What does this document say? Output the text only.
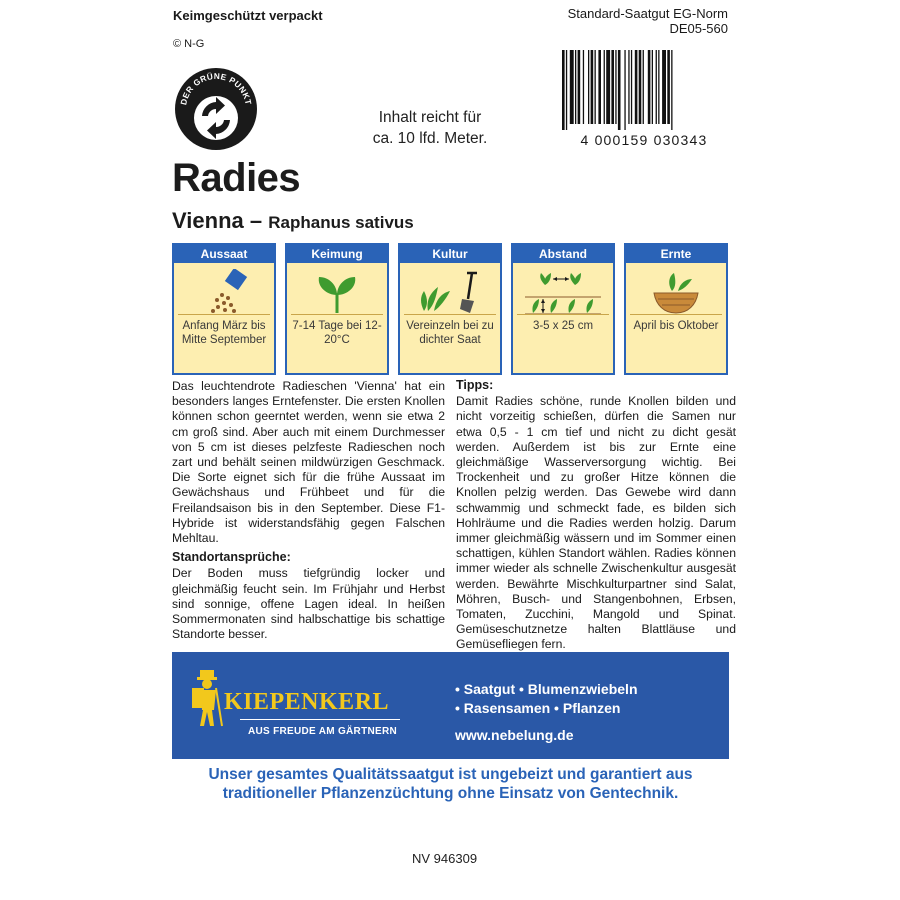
Keimgeschützt verpackt
© N-G
Standard-Saatgut EG-Norm
DE05-560
DER GRÜNE PUNKT
Inhalt reicht für
ca. 10 lfd. Meter.	4 000159 030343
Radies
Vienna – Raphanus sativus
Aussaat
Anfang März bis Mitte September
Keimung
7-14 Tage bei 12-20°C
Kultur
Vereinzeln bei zu dichter Saat
Abstand
3-5 x 25 cm
Ernte
April bis Oktober

Das leuchtendrote Radieschen 'Vienna' hat ein besonders langes Erntefenster. Die ersten Knollen können schon geerntet werden, wenn sie etwa 2 cm groß sind. Aber auch mit einem Durchmesser von 5 cm ist dieses pelzfeste Radieschen noch zart und behält seinen mildwürzigen Geschmack. Die Sorte eignet sich für die frühe Aussaat im Gewächshaus und Frühbeet und für die Freilandsaison bis in den September. Diese F1-Hybride ist widerstandsfähig gegen Falschen Mehltau.

Standortansprüche:

Der Boden muss tiefgründig locker und gleichmäßig feucht sein. Im Frühjahr und Herbst sind sonnige, offene Lagen ideal. In heißen Sommermonaten sind halbschattige bis schattige Standorte besser.

Tipps:

Damit Radies schöne, runde Knollen bilden und nicht vorzeitig schießen, dürfen die Samen nur etwa 0,5 - 1 cm tief und nicht zu dicht gesät werden. Außerdem ist bis zur Ernte eine gleichmäßige Wasserversorgung wichtig. Bei Trockenheit und zu großer Hitze können die Knollen pelzig werden. Das Gewebe wird dann schwammig und schmeckt fade, es bilden sich Hohlräume und die Radies werden holzig. Darum immer gleichmäßig wässern und im Sommer einen schattigen, kühlen Standort wählen. Radies können immer wieder als schnelle Zwischenkultur ausgesät werden. Bewährte Mischkulturpartner sind Salat, Möhren, Busch- und Stangenbohnen, Erbsen, Tomaten, Zucchini, Mangold und Spinat. Gemüseschutznetze halten Blattläuse und Gemüsefliegen fern.

KIEPENKERL
AUS FREUDE AM GÄRTNERN
• Saatgut • Blumenzwiebeln
• Rasensamen • Pflanzen
www.nebelung.de
Unser gesamtes Qualitätssaatgut ist ungebeizt und garantiert aus
traditioneller Pflanzenzüchtung ohne Einsatz von Gentechnik.
NV 946309
